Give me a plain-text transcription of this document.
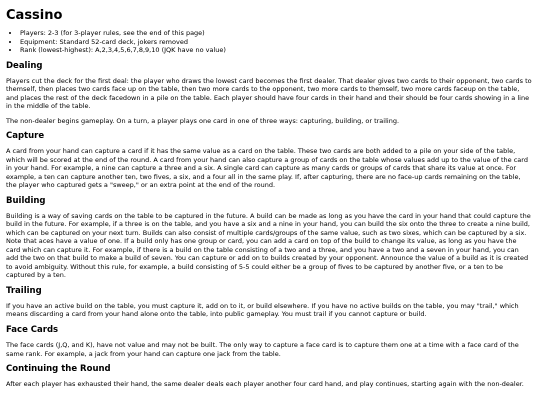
Cassino
• Players: 2-3 (for 3-player rules, see the end of this page)
• Equipment: Standard 52-card deck, jokers removed
• Rank (lowest-highest): A,2,3,4,5,6,7,8,9,10 (JQK have no value)
Dealing

Players cut the deck for the first deal: the player who draws the lowest card becomes the first dealer. That dealer gives two cards to their opponent, two cards to themself, then places two cards face up on the table, then two more cards to the opponent, two more cards to themself, two more cards faceup on the table, and places the rest of the deck facedown in a pile on the table. Each player should have four cards in their hand and their should be four cards showing in a line in the middle of the table.

The non-dealer begins gameplay. On a turn, a player plays one card in one of three ways: capturing, building, or trailing.

Capture

A card from your hand can capture a card if it has the same value as a card on the table. These two cards are both added to a pile on your side of the table, which will be scored at the end of the round. A card from your hand can also capture a group of cards on the table whose values add up to the value of the card in your hand. For example, a nine can capture a three and a six. A single card can capture as many cards or groups of cards that share its value at once. For example, a ten can capture another ten, two fives, a six, and a four all in the same play. If, after capturing, there are no face-up cards remaining on the table, the player who captured gets a "sweep," or an extra point at the end of the round.

Building

Building is a way of saving cards on the table to be captured in the future. A build can be made as long as you have the card in your hand that could capture the build in the future. For example, if a three is on the table, and you have a six and a nine in your hand, you can build the six onto the three to create a nine build, which can be captured on your next turn. Builds can also consist of multiple cards/groups of the same value, such as two sixes, which can be captured by a six. Note that aces have a value of one. If a build only has one group or card, you can add a card on top of the build to change its value, as long as you have the card which can capture it. For example, if there is a build on the table consisting of a two and a three, and you have a two and a seven in your hand, you can add the two on that build to make a build of seven. You can capture or add on to builds created by your opponent. Announce the value of a build as it is created to avoid ambiguity. Without this rule, for example, a build consisting of 5-5 could either be a group of fives to be captured by another five, or a ten to be captured by a ten.

Trailing

If you have an active build on the table, you must capture it, add on to it, or build elsewhere. If you have no active builds on the table, you may "trail," which means discarding a card from your hand alone onto the table, into public gameplay. You must trail if you cannot capture or build.

Face Cards

The face cards (J,Q, and K), have not value and may not be built. The only way to capture a face card is to capture them one at a time with a face card of the same rank. For example, a jack from your hand can capture one jack from the table.

Continuing the Round

After each player has exhausted their hand, the same dealer deals each player another four card hand, and play continues, starting again with the non-dealer.
